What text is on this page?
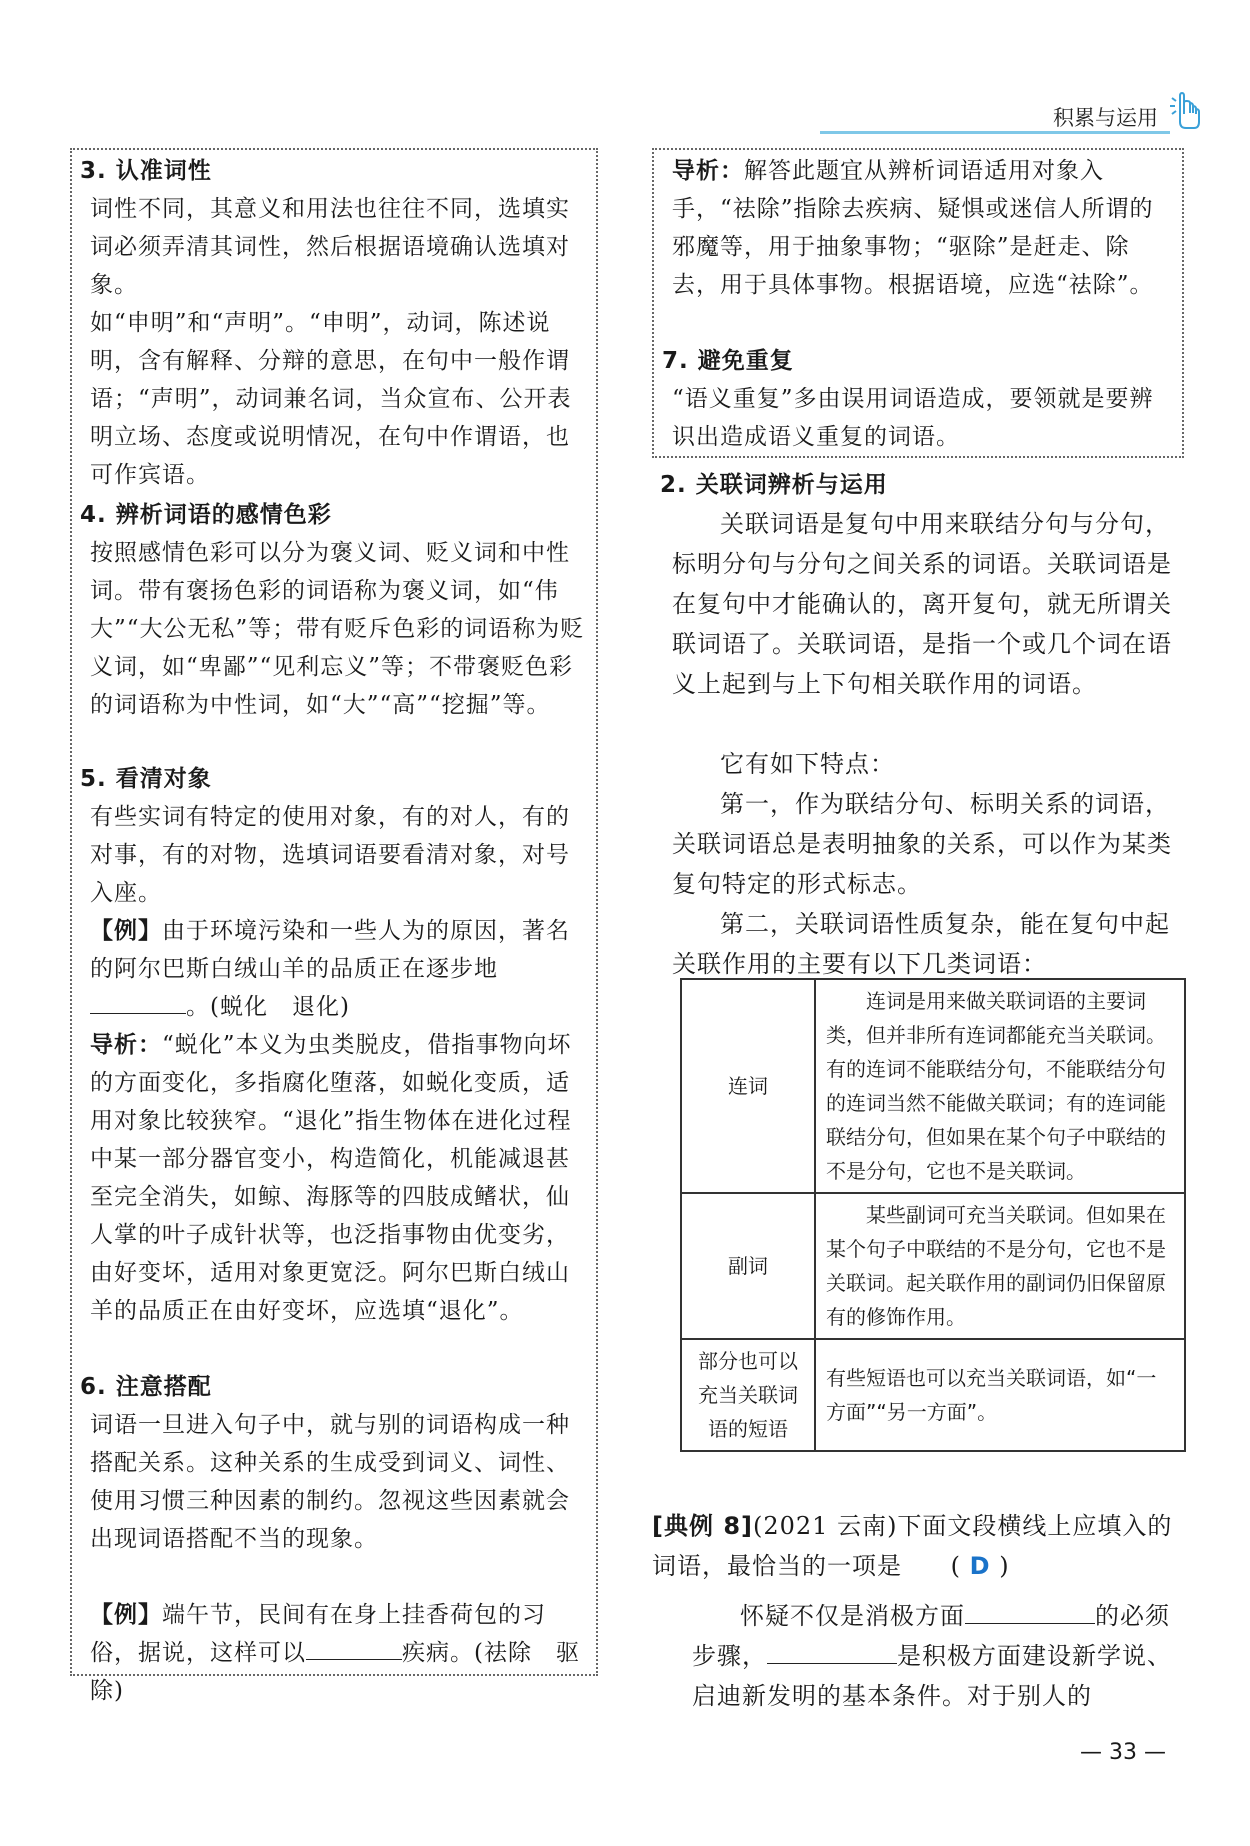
积累与运用
3. 认准词性
词性不同，其意义和用法也往往不同，选填实词必须弄清其词性，然后根据语境确认选填对象。
如“申明”和“声明”。“申明”，动词，陈述说明，含有解释、分辩的意思，在句中一般作谓语；“声明”，动词兼名词，当众宣布、公开表明立场、态度或说明情况，在句中作谓语，也可作宾语。
4. 辨析词语的感情色彩
按照感情色彩可以分为褒义词、贬义词和中性词。带有褒扬色彩的词语称为褒义词，如“伟大”“大公无私”等；带有贬斥色彩的词语称为贬义词，如“卑鄙”“见利忘义”等；不带褒贬色彩的词语称为中性词，如“大”“高”“挖掘”等。
5. 看清对象
有些实词有特定的使用对象，有的对人，有的对事，有的对物，选填词语要看清对象，对号入座。
【例】由于环境污染和一些人为的原因，著名的阿尔巴斯白绒山羊的品质正在逐步地。(蜕化　退化)
导析：“蜕化”本义为虫类脱皮，借指事物向坏的方面变化，多指腐化堕落，如蜕化变质，适用对象比较狭窄。“退化”指生物体在进化过程中某一部分器官变小，构造简化，机能减退甚至完全消失，如鲸、海豚等的四肢成鳍状，仙人掌的叶子成针状等，也泛指事物由优变劣，由好变坏，适用对象更宽泛。阿尔巴斯白绒山羊的品质正在由好变坏，应选填“退化”。
6. 注意搭配
词语一旦进入句子中，就与别的词语构成一种搭配关系。这种关系的生成受到词义、词性、使用习惯三种因素的制约。忽视这些因素就会出现词语搭配不当的现象。
【例】端午节，民间有在身上挂香荷包的习俗，据说，这样可以	疾病。(祛除　驱除)
导析：解答此题宜从辨析词语适用对象入手，“祛除”指除去疾病、疑惧或迷信人所谓的邪魔等，用于抽象事物；“驱除”是赶走、除去，用于具体事物。根据语境，应选“祛除”。
7. 避免重复
“语义重复”多由误用词语造成，要领就是要辨识出造成语义重复的词语。
2. 关联词辨析与运用
关联词语是复句中用来联结分句与分句，标明分句与分句之间关系的词语。关联词语是在复句中才能确认的，离开复句，就无所谓关联词语了。关联词语，是指一个或几个词在语义上起到与上下句相关联作用的词语。
它有如下特点：
第一，作为联结分句、标明关系的词语，关联词语总是表明抽象的关系，可以作为某类复句特定的形式标志。
第二，关联词语性质复杂，能在复句中起关联作用的主要有以下几类词语：
连词	连词是用来做关联词语的主要词类，但并非所有连词都能充当关联词。有的连词不能联结分句，不能联结分句的连词当然不能做关联词；有的连词能联结分句，但如果在某个句子中联结的不是分句，它也不是关联词。
副词	某些副词可充当关联词。但如果在某个句子中联结的不是分句，它也不是关联词。起关联作用的副词仍旧保留原有的修饰作用。
部分也可以充当关联词语的短语	有些短语也可以充当关联词语，如“一方面”“另一方面”。
[典例 8](2021 云南)下面文段横线上应填入的词语，最恰当的一项是 ( D )
怀疑不仅是消极方面	的必须步骤，	是积极方面建设新学说、启迪新发明的基本条件。对于别人的
— 33 —
